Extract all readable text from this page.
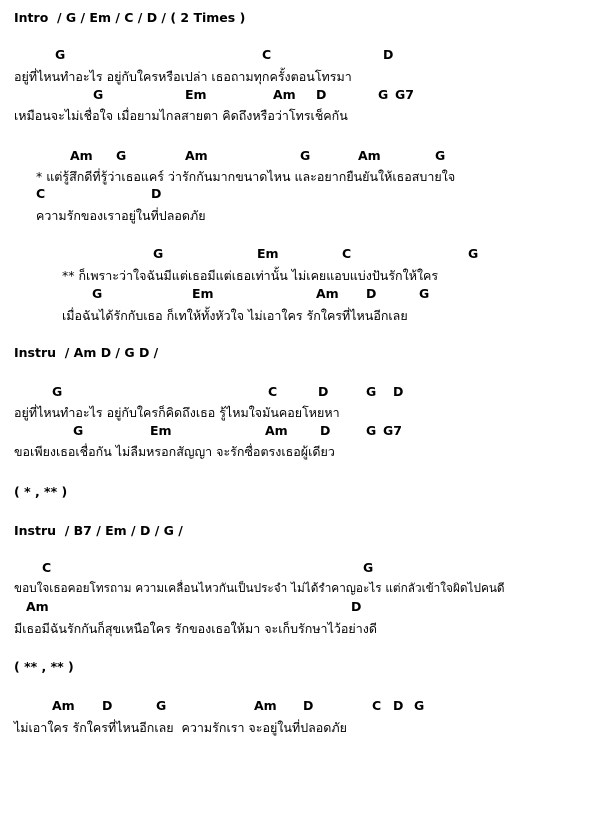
Intro  / G / Em / C / D / ( 2 Times )

G

	C

	D

อยู่ที่ไหนทำอะไร อยู่กับใครหรือเปล่า เธอถามทุกครั้งตอนโทรมา

G

	Em

	Am

D

	G

G7

เหมือนจะไม่เชื่อใจ เมื่อยามไกลสายตา คิดถึงหรือว่าโทรเช็คกัน

Am

G

	Am

	G

	Am

	G

* แต่รู้สึกดีที่รู้ว่าเธอแคร์ ว่ารักกันมากขนาดไหน และอยากยืนยันให้เธอสบายใจ

C

	D

ความรักของเราอยู่ในที่ปลอดภัย

G

	Em

	C

	G

** ก็เพราะว่าใจฉันมีแต่เธอมีแต่เธอเท่านั้น ไม่เคยแอบแบ่งปันรักให้ใคร

G

	Em

	Am

D

	G

เมื่อฉันได้รักกับเธอ ก็เทให้ทั้งหัวใจ ไม่เอาใคร รักใครที่ไหนอีกเลย
Instru  / Am D / G D /

G

	C

	D

	G

D

อยู่ที่ไหนทำอะไร อยู่กับใครก็คิดถึงเธอ รู้ไหมใจมันคอยโหยหา

G

	Em

	Am

	D

	G

G7

ขอเพียงเธอเชื่อกัน ไม่ลืมหรอกสัญญา จะรักซื่อตรงเธอผู้เดียว
( * , ** )
Instru  / B7 / Em / D / G /

C

	G

ขอบใจเธอคอยโทรถาม ความเคลื่อนไหวกันเป็นประจำ ไม่ได้รำคาญอะไร แต่กลัวเข้าใจผิดไปคนดี

Am

	D

มีเธอมีฉันรักกันก็สุขเหนือใคร รักของเธอให้มา จะเก็บรักษาไว้อย่างดี
( ** , ** )

Am

D

	G

	Am

D

	C

D

G

ไม่เอาใคร รักใครที่ไหนอีกเลย  ความรักเรา จะอยู่ในที่ปลอดภัย
